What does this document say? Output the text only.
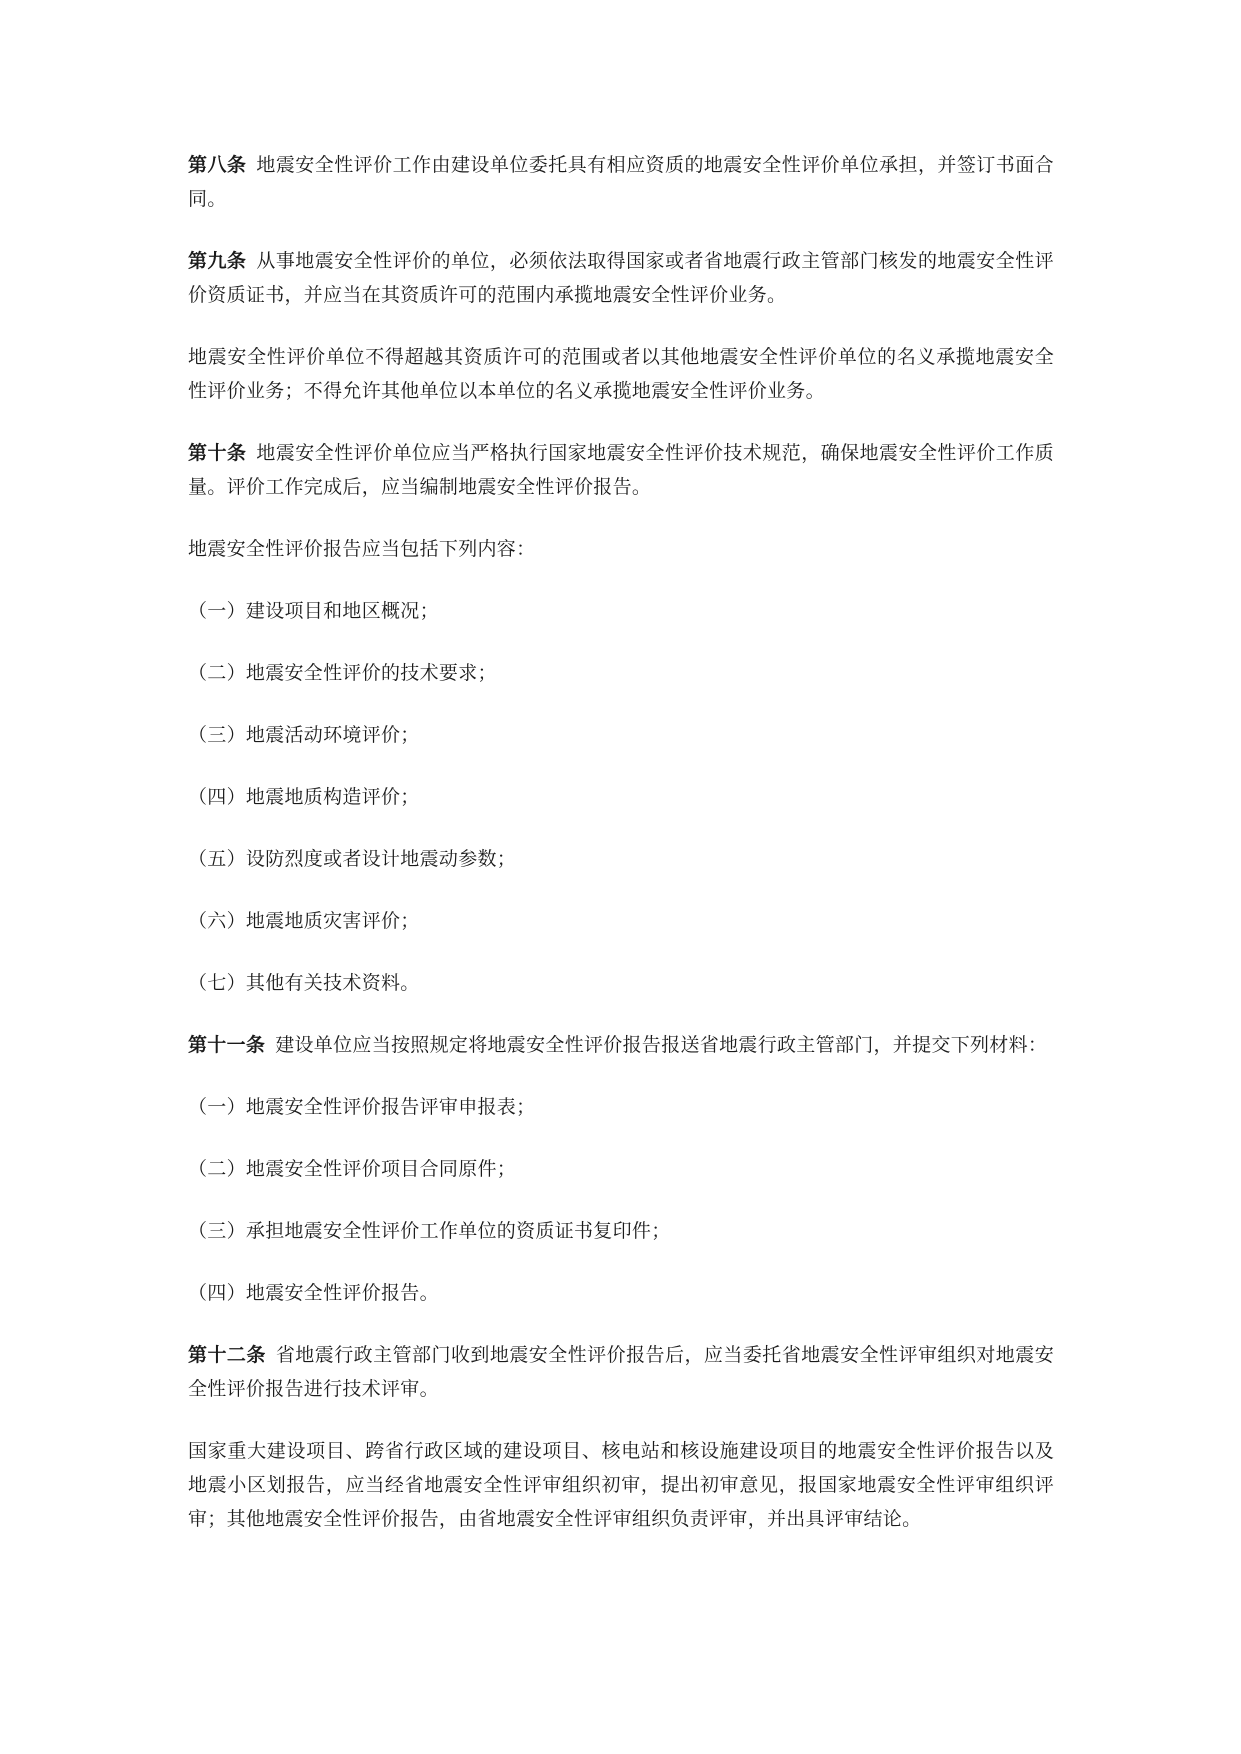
第八条 地震安全性评价工作由建设单位委托具有相应资质的地震安全性评价单位承担，并签订书面合同。

第九条 从事地震安全性评价的单位，必须依法取得国家或者省地震行政主管部门核发的地震安全性评价资质证书，并应当在其资质许可的范围内承揽地震安全性评价业务。

地震安全性评价单位不得超越其资质许可的范围或者以其他地震安全性评价单位的名义承揽地震安全性评价业务；不得允许其他单位以本单位的名义承揽地震安全性评价业务。

第十条 地震安全性评价单位应当严格执行国家地震安全性评价技术规范，确保地震安全性评价工作质量。评价工作完成后，应当编制地震安全性评价报告。

地震安全性评价报告应当包括下列内容：

（一）建设项目和地区概况；

（二）地震安全性评价的技术要求；

（三）地震活动环境评价；

（四）地震地质构造评价；

（五）设防烈度或者设计地震动参数；

（六）地震地质灾害评价；

（七）其他有关技术资料。

第十一条 建设单位应当按照规定将地震安全性评价报告报送省地震行政主管部门，并提交下列材料：

（一）地震安全性评价报告评审申报表；

（二）地震安全性评价项目合同原件；

（三）承担地震安全性评价工作单位的资质证书复印件；

（四）地震安全性评价报告。

第十二条 省地震行政主管部门收到地震安全性评价报告后，应当委托省地震安全性评审组织对地震安全性评价报告进行技术评审。

国家重大建设项目、跨省行政区域的建设项目、核电站和核设施建设项目的地震安全性评价报告以及地震小区划报告，应当经省地震安全性评审组织初审，提出初审意见，报国家地震安全性评审组织评审；其他地震安全性评价报告，由省地震安全性评审组织负责评审，并出具评审结论。
